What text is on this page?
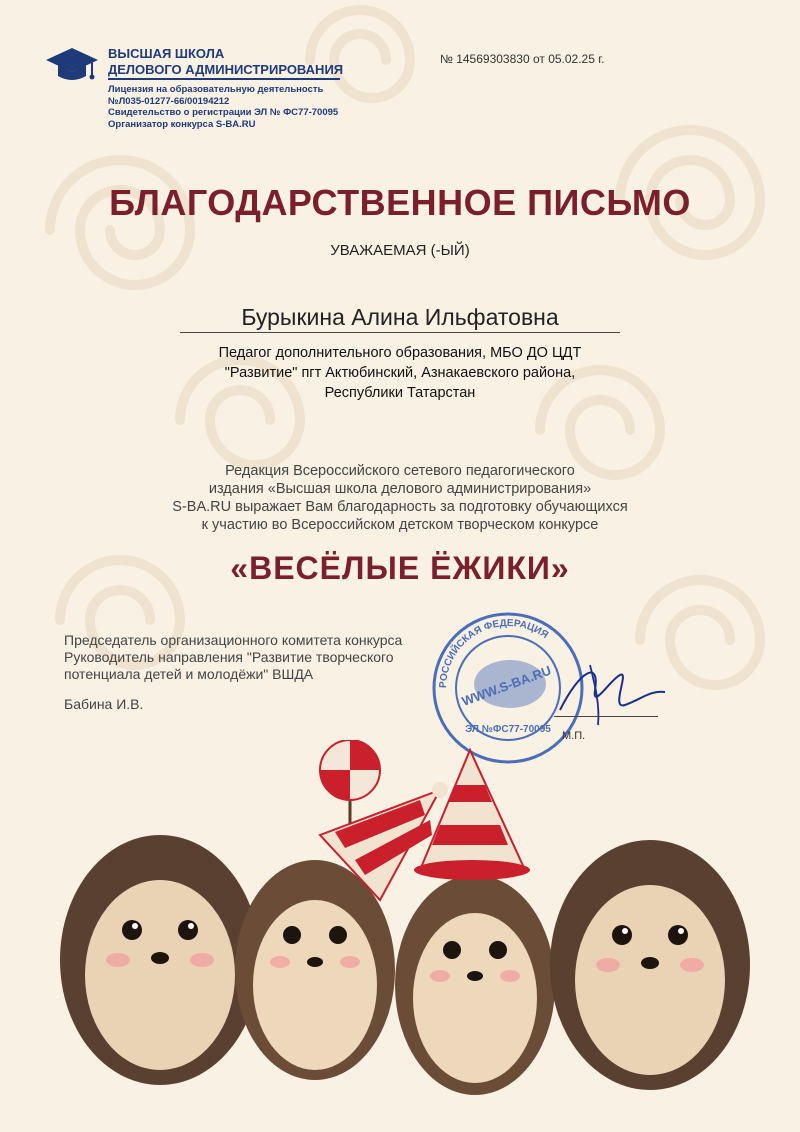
ВЫСШАЯ ШКОЛА
ДЕЛОВОГО АДМИНИСТРИРОВАНИЯ
Лицензия на образовательную деятельность
№Л035-01277-66/00194212
Свидетельство о регистрации ЭЛ № ФС77-70095
Организатор конкурса S-BA.RU
№ 14569303830 от 05.02.25 г.
БЛАГОДАРСТВЕННОЕ ПИСЬМО
УВАЖАЕМАЯ (-ЫЙ)
Бурыкина Алина Ильфатовна
Педагог дополнительного образования, МБО ДО ЦДТ
"Развитие" пгт Актюбинский, Азнакаевского района,
Республики Татарстан
Редакция Всероссийского сетевого педагогического
издания «Высшая школа делового администрирования»
S-BA.RU выражает Вам благодарность за подготовку обучающихся
к участию во Всероссийском детском творческом конкурсе
«ВЕСЁЛЫЕ ЁЖИКИ»
Председатель организационного комитета конкурса
Руководитель направления "Развитие творческого
потенциала детей и молодёжи" ВШДА
Бабина И.В.
РОССИЙСКАЯ ФЕДЕРАЦИЯ
WWW.S-BA.RU
ЭЛ №ФС77-70095
М.П.
